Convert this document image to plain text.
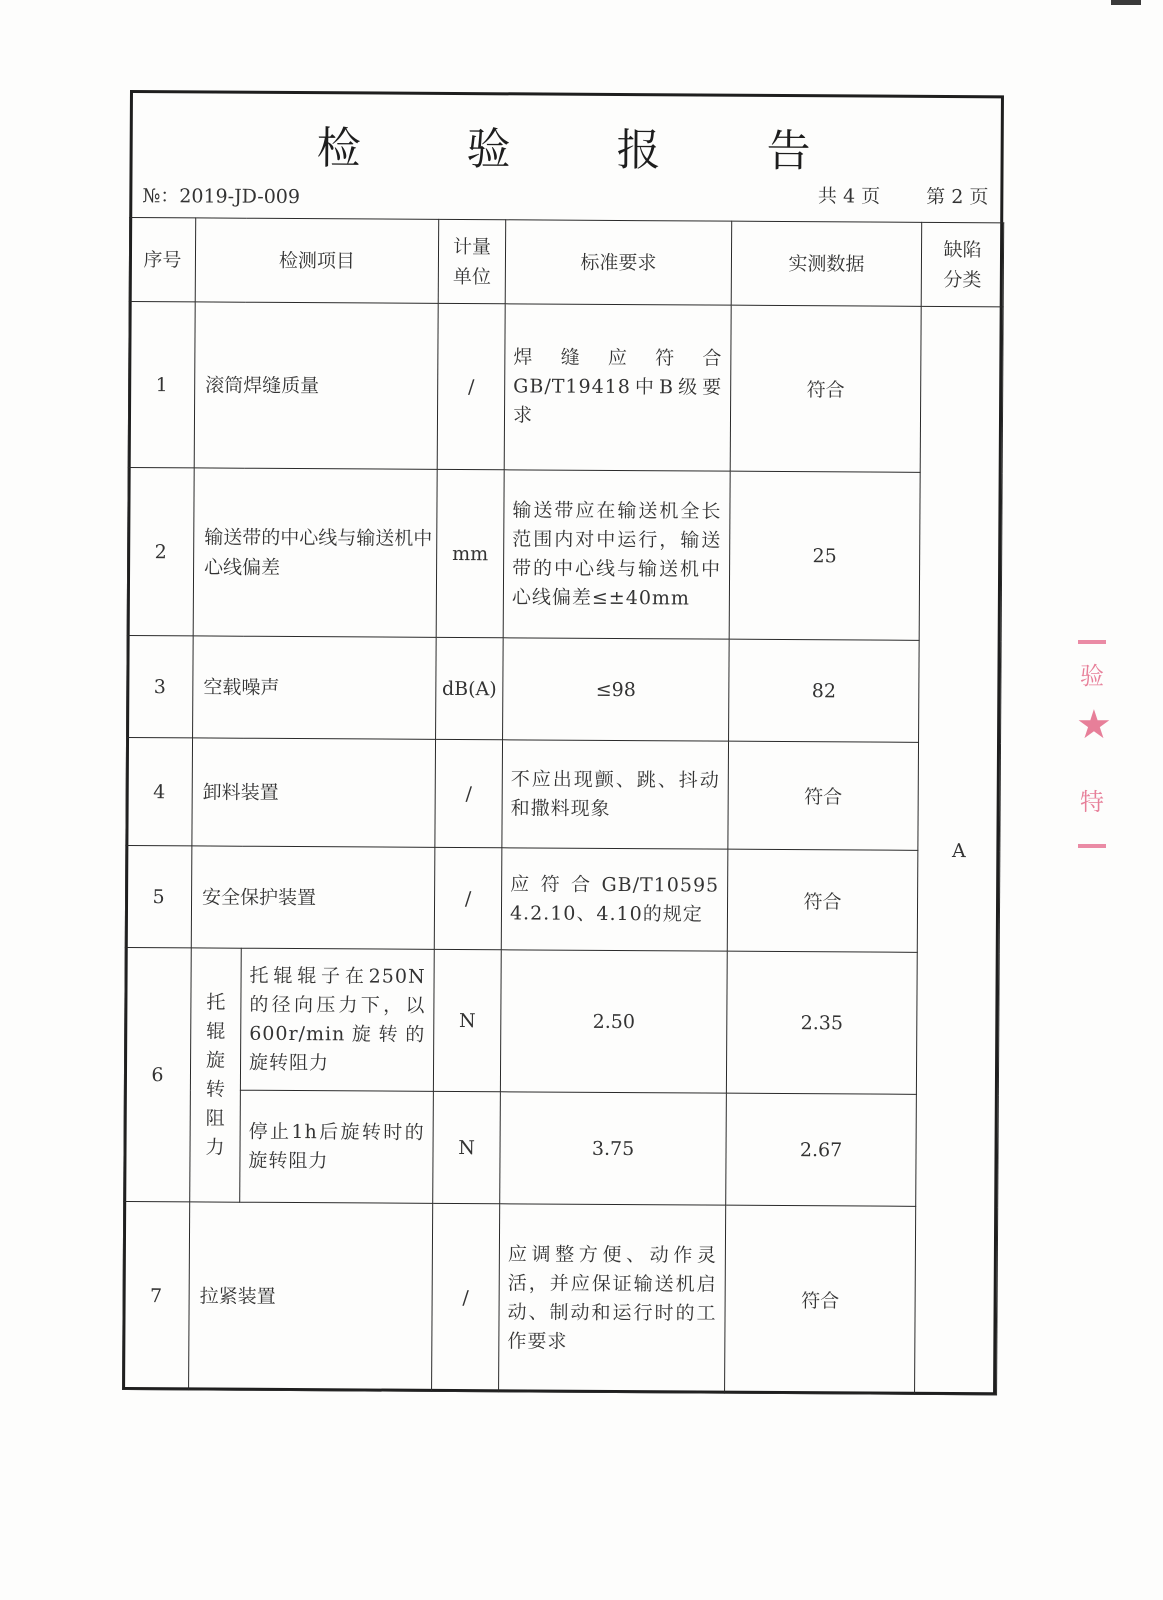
检 验 报 告
№：2019-JD-009	共 4 页 第 2 页
序号	检测项目		计量单位	标准要求	实测数据	缺陷分类

1	滚筒焊缝质量		/	焊缝应符合GB/T19418中B级要求	符合	A
2	输送带的中心线与输送机中心线偏差		mm	输送带应在输送机全长范围内对中运行，输送带的中心线与输送机中心线偏差≤±40mm	25	
3	空载噪声		dB(A)	≤98	82	
4	卸料装置		/	不应出现颤、跳、抖动和撒料现象	符合	
5	安全保护装置		/	应符合GB/T10595 4.2.10、4.10的规定	符合	
6	托辊旋转阻力	托辊辊子在250N的径向压力下，以600r/min旋转的旋转阻力	N	2.50	2.35	
		停止1h后旋转时的旋转阻力	N	3.75	2.67	
7	拉紧装置		/	应调整方便、动作灵活，并应保证输送机启动、制动和运行时的工作要求	符合	
验
★
特
